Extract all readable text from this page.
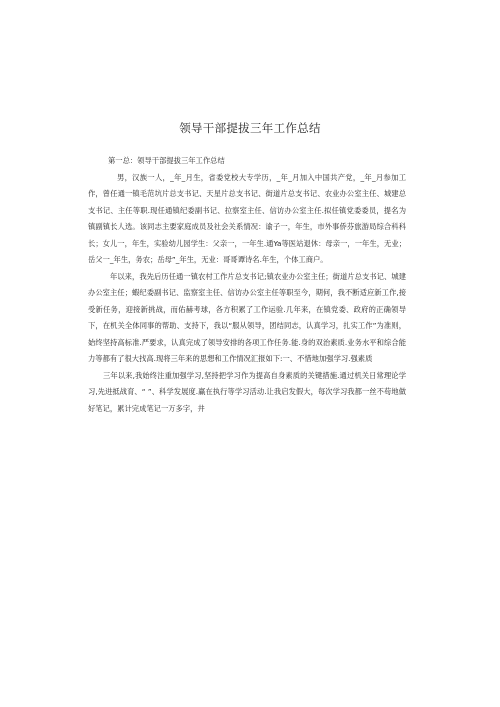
领导干部提拔三年工作总结

第一总：领导干部提拔三年工作总结

男，汉族一人，_年_月生，省委党校大专学历，_年_月加入中国共产党，_年_月参加工作，曾任通一镇毛范坑片总支书记、天星片总支书记、街道片总支书记、农业办公室主任、城建总支书记、主任等职.现任通镇纪委副书记、拉察室主任、信访办公室主任.拟任镇党委委员，提名为镇副镇长人选。该同志主要家庭成员及社会关系情况：谕子一，年生，市外事侨芬旅游局综合科科长；女儿一，年生，实验幼儿园学生：父亲一，一年生.通Ya等医站退休：母亲一，一年生，无业；岳父一_年生，务农；岳母”_年生，无业：哥哥谭诗名.年生，个体工商户。

年以来，我先后历任通一镇农村工作片总支书记;镇农业办公室主任；街道片总支书记、城建办公室主任；蝦纪委副书记、监察室主任、信访办公室主任等职至今，期何，我不断适应新工作,接受新任务，迎接新挑战，而佑赫考球，各方积累了工作运验.几年来，在镇党委、政府的正确领导下，在机关全体同事的帮助、支持下，我以“服从领导，团结同志，认真学习，扎实工作”为准则，始终坚持高标准.严要求，认真完成了领导安排的各项工作任务.能.身的双治素质.业务水平和综合能力等都有了很大找高.现将三年来的思想和工作情况汇报如下:一、不惜地加强学习.强素质

三年以来,我始终注重加强学习,坚持把学习作为提高自身素质的关键措施.通过机关日常理论学习,先进抵战育、“ ”、科学发展度.赢在执行等学习活动.让我启发假大，每次学习我都一丝不苟地做好笔记，累计完成笔记一万多字，井
